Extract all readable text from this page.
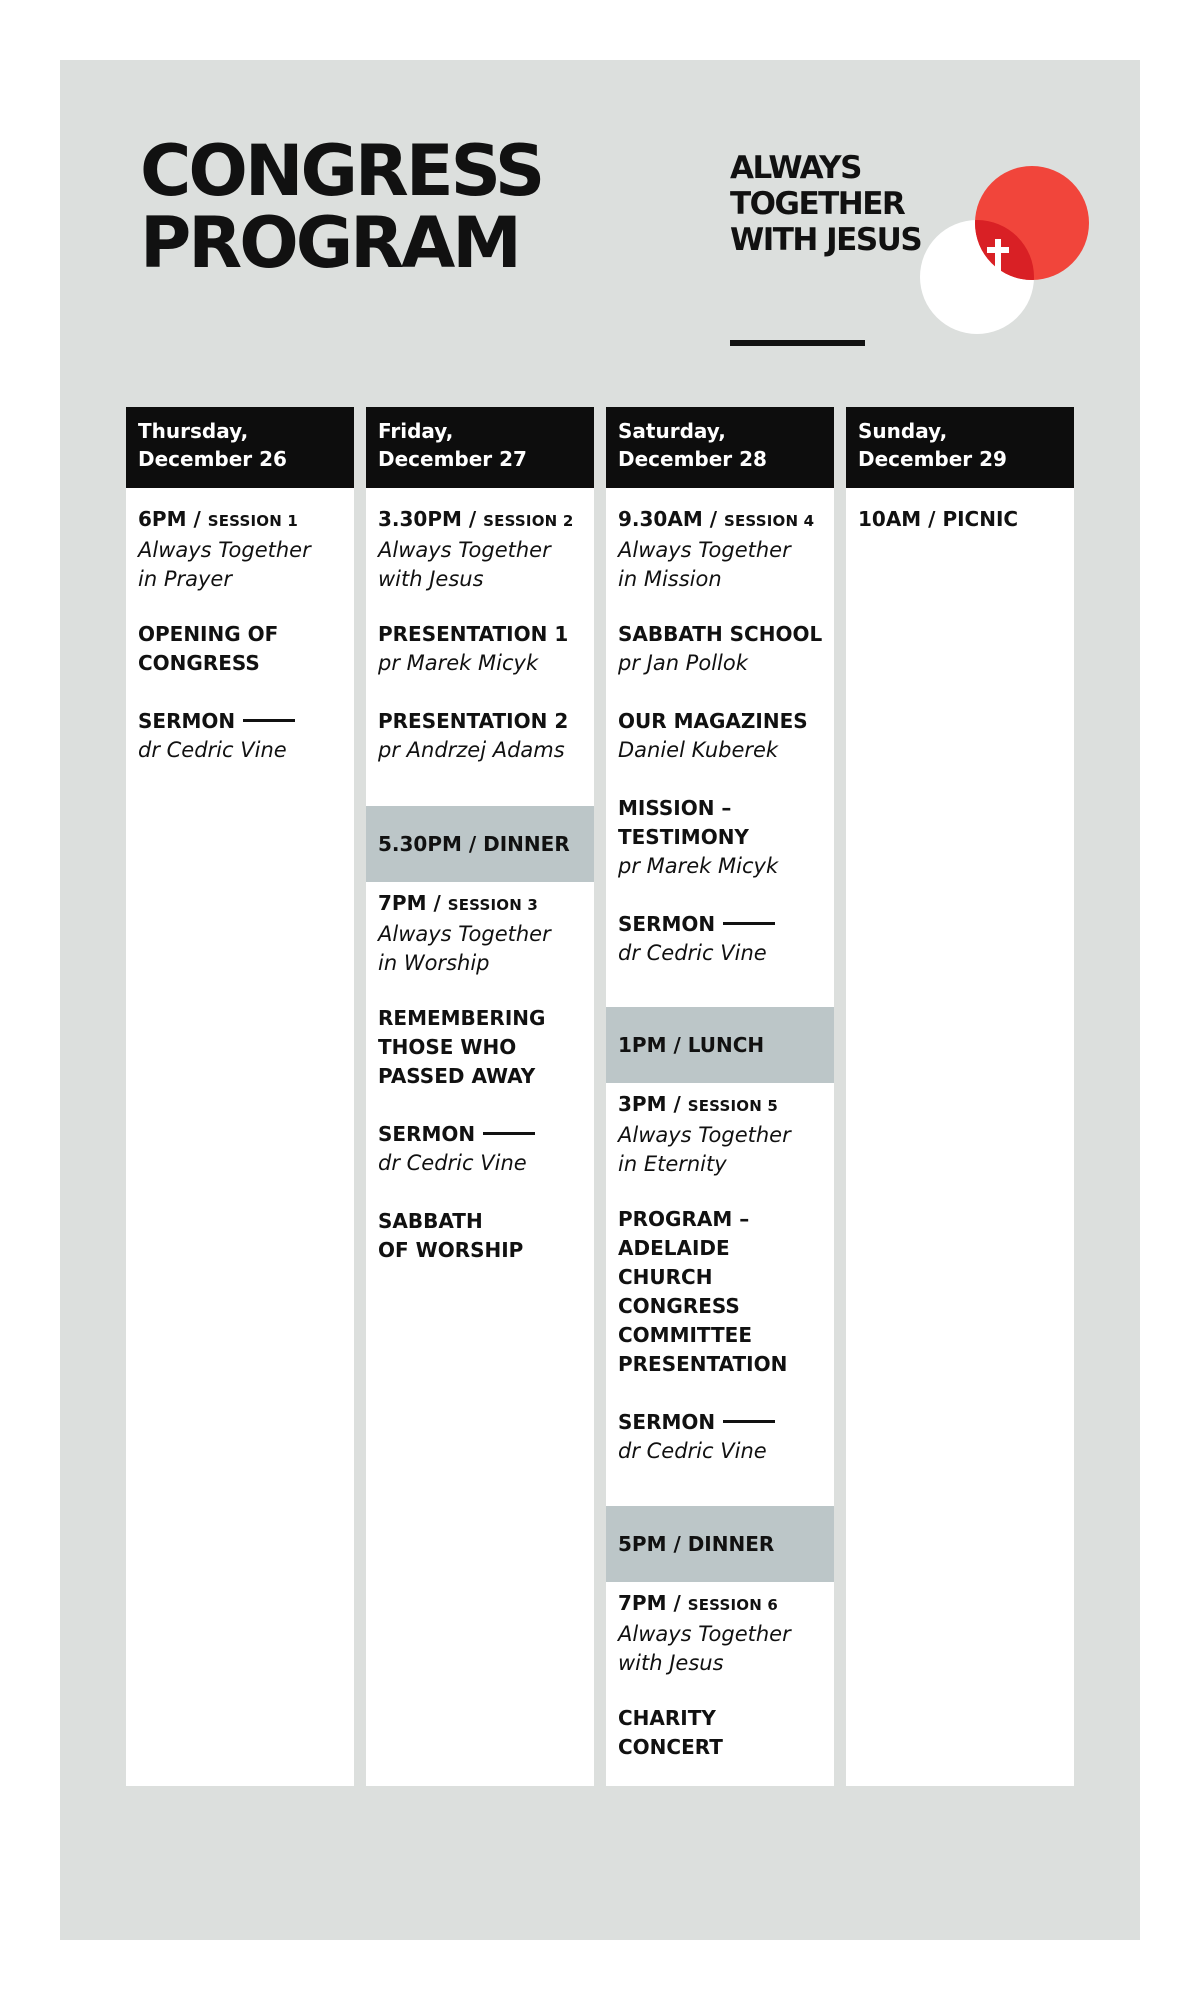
CONGRESS
PROGRAM

ALWAYS
TOGETHER
WITH JESUS

Thursday,
December 26
6PM / SESSION 1
Always Together
in Prayer
OPENING OF
CONGRESS
SERMON
dr Cedric Vine
Friday,
December 27
3.30PM / SESSION 2
Always Together
with Jesus
PRESENTATION 1
pr Marek Micyk
PRESENTATION 2
pr Andrzej Adams
5.30PM / DINNER
7PM / SESSION 3
Always Together
in Worship
REMEMBERING
THOSE WHO
PASSED AWAY
SERMON
dr Cedric Vine
SABBATH
OF WORSHIP
Saturday,
December 28
9.30AM / SESSION 4
Always Together
in Mission
SABBATH SCHOOL
pr Jan Pollok
OUR MAGAZINES
Daniel Kuberek
MISSION –
TESTIMONY
pr Marek Micyk
SERMON
dr Cedric Vine
1PM / LUNCH
3PM / SESSION 5
Always Together
in Eternity
PROGRAM –
ADELAIDE CHURCH
CONGRESS
COMMITTEE
PRESENTATION
SERMON
dr Cedric Vine
5PM / DINNER
7PM / SESSION 6
Always Together
with Jesus
CHARITY
CONCERT
Sunday,
December 29
10AM / PICNIC
